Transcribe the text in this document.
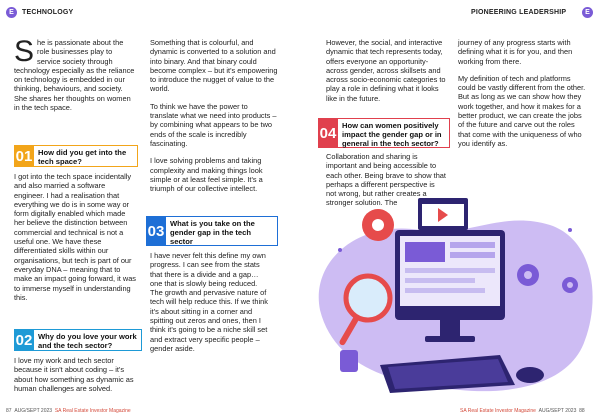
E	TECHNOLOGY	PIONEERING LEADERSHIP	E

She is passionate about the role businesses play to service society through technology especially as the reliance on technology is embedded in our thinking, behaviours, and society. She shares her thoughts on women in the tech space.

01 How did you get into the tech space?

I got into the tech space incidentally and also married a software engineer. I had a realisation that everything we do is in some way or form digitally enabled which made her believe the distinction between commercial and technical is not a useful one. We have these differentiated skills within our organisations, but tech is part of our everyday DNA – meaning that to make an impact going forward, it was to immerse myself in understanding this.

02 Why do you love your work and the tech sector?

I love my work and tech sector because it isn't about coding – it's about how something as dynamic as human challenges are solved.

Something that is colourful, and dynamic is converted to a solution and into binary. And that binary could become complex – but it's empowering to introduce the nugget of value to the world.

To think we have the power to translate what we need into products – by combining what appears to be two ends of the scale is incredibly fascinating.

I love solving problems and taking complexity and making things look simple or at least feel simple. It's a triumph of our collective intellect.

03 What is you take on the gender gap in the tech sector

I have never felt this define my own progress. I can see from the stats that there is a divide and a gap… one that is slowly being reduced. The growth and pervasive nature of tech will help reduce this. If we think it's about sitting in a corner and spitting out zeros and ones, then I think it's going to be a niche skill set and extract very specific people – gender aside.

However, the social, and interactive dynamic that tech represents today, offers everyone an opportunity- across gender, across skillsets and across socio-economic categories to play a role in defining what it looks like in the future.

04 How can women positively impact the gender gap or in general in the tech sector?

Collaboration and sharing is important and being accessible to each other. Being brave to show that perhaps a different perspective is not wrong, but rather creates a stronger solution. The

journey of any progress starts with defining what it is for you, and then working from there.

My definition of tech and platforms could be vastly different from the other. But as long as we can show how they work together, and how it makes for a better product, we can create the jobs of the future and carve out the roles that come with the uniqueness of who you identify as.

87 AUG/SEPT 2023 SA Real Estate Investor Magazine	SA Real Estate Investor Magazine AUG/SEPT 2023 88
